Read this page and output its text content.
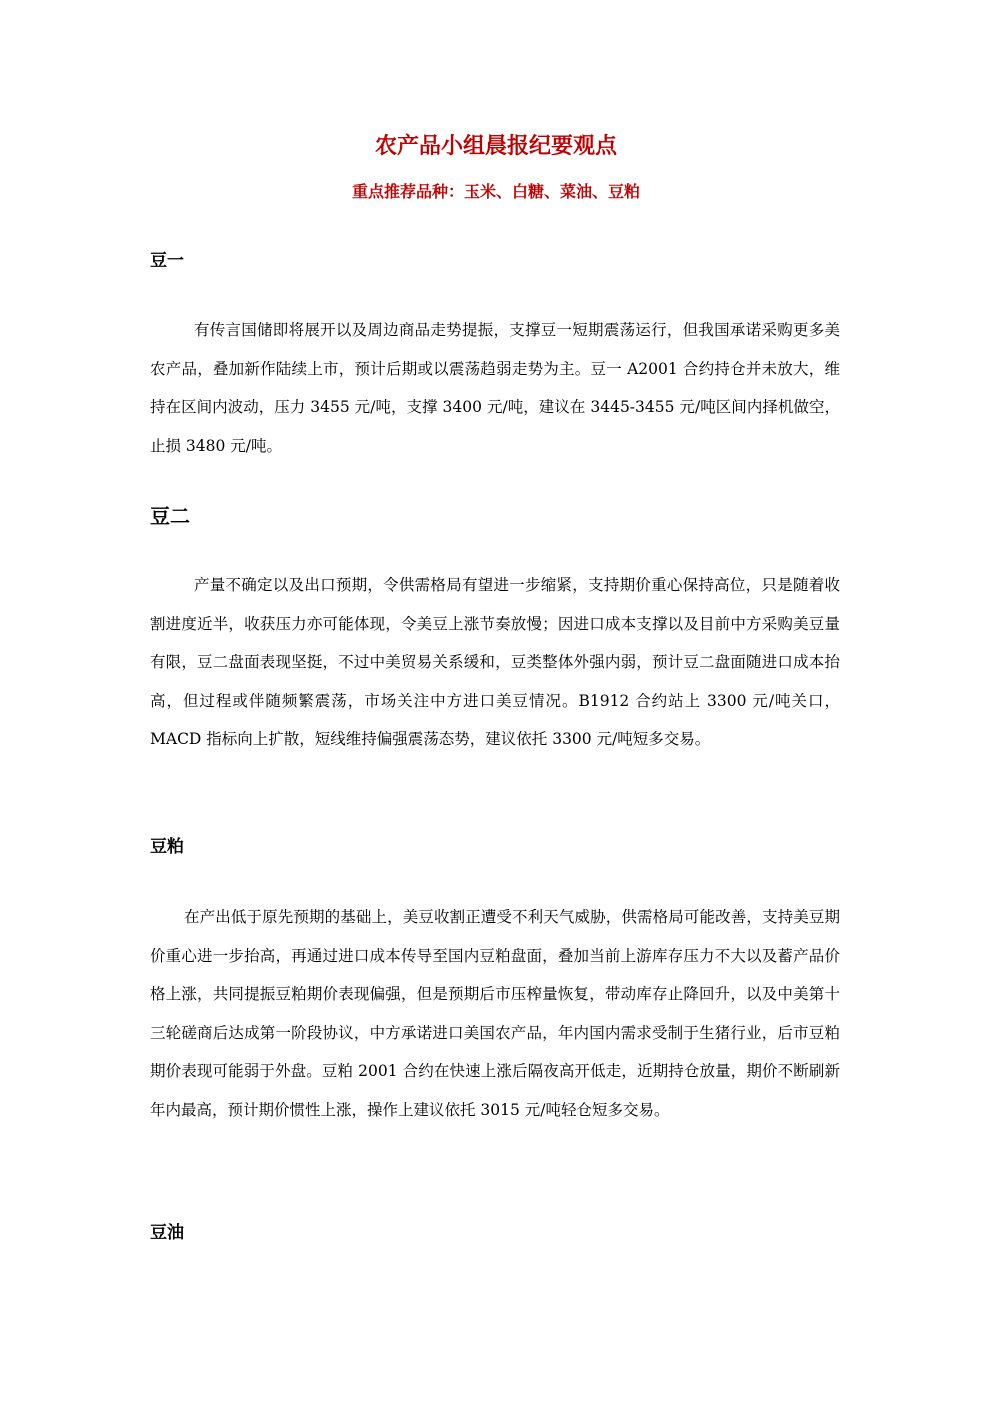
农产品小组晨报纪要观点
重点推荐品种：玉米、白糖、菜油、豆粕
豆一

有传言国储即将展开以及周边商品走势提振，支撑豆一短期震荡运行，但我国承诺采购更多美农产品，叠加新作陆续上市，预计后期或以震荡趋弱走势为主。豆一 A2001 合约持仓并未放大，维持在区间内波动，压力 3455 元/吨，支撑 3400 元/吨，建议在 3445-3455 元/吨区间内择机做空，止损 3480 元/吨。

豆二

产量不确定以及出口预期，令供需格局有望进一步缩紧，支持期价重心保持高位，只是随着收割进度近半，收获压力亦可能体现，令美豆上涨节奏放慢；因进口成本支撑以及目前中方采购美豆量有限，豆二盘面表现坚挺，不过中美贸易关系缓和，豆类整体外强内弱，预计豆二盘面随进口成本抬高，但过程或伴随频繁震荡，市场关注中方进口美豆情况。B1912 合约站上 3300 元/吨关口，MACD 指标向上扩散，短线维持偏强震荡态势，建议依托 3300 元/吨短多交易。

豆粕

在产出低于原先预期的基础上，美豆收割正遭受不利天气威胁，供需格局可能改善，支持美豆期价重心进一步抬高，再通过进口成本传导至国内豆粕盘面，叠加当前上游库存压力不大以及蓄产品价格上涨，共同提振豆粕期价表现偏强，但是预期后市压榨量恢复，带动库存止降回升，以及中美第十三轮磋商后达成第一阶段协议，中方承诺进口美国农产品，年内国内需求受制于生猪行业，后市豆粕期价表现可能弱于外盘。豆粕 2001 合约在快速上涨后隔夜高开低走，近期持仓放量，期价不断刷新年内最高，预计期价惯性上涨，操作上建议依托 3015 元/吨轻仓短多交易。

豆油
